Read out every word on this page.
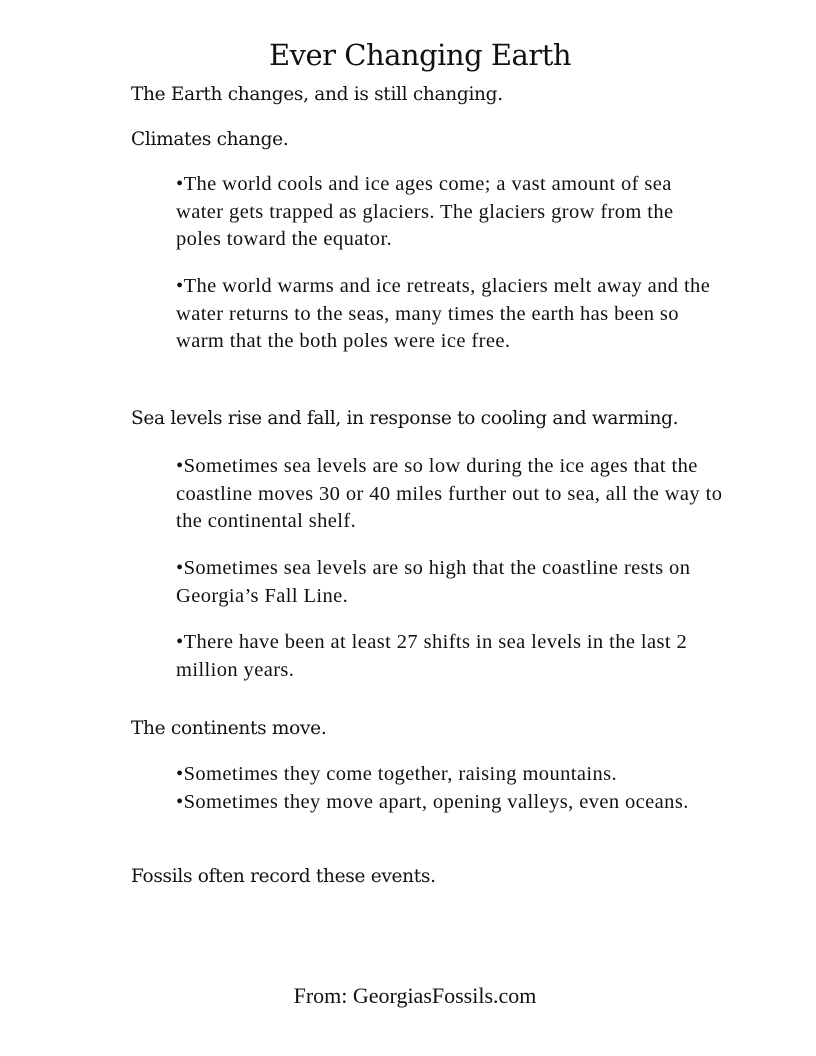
Ever Changing Earth

The Earth changes, and is still changing.

Climates change.

•The world cools and ice ages come; a vast amount of sea water gets trapped as glaciers. The glaciers grow from the poles toward the equator.

•The world warms and ice retreats, glaciers melt away and the water returns to the seas, many times the earth has been so warm that the both poles were ice free.

Sea levels rise and fall, in response to cooling and warming.

•Sometimes sea levels are so low during the ice ages that the coastline moves 30 or 40 miles further out to sea, all the way to the continental shelf.

•Sometimes sea levels are so high that the coastline rests on Georgia’s Fall Line.

•There have been at least 27 shifts in sea levels in the last 2 million years.

The continents move.

•Sometimes they come together, raising mountains.

•Sometimes they move apart, opening valleys, even oceans.

Fossils often record these events.

From: GeorgiasFossils.com
